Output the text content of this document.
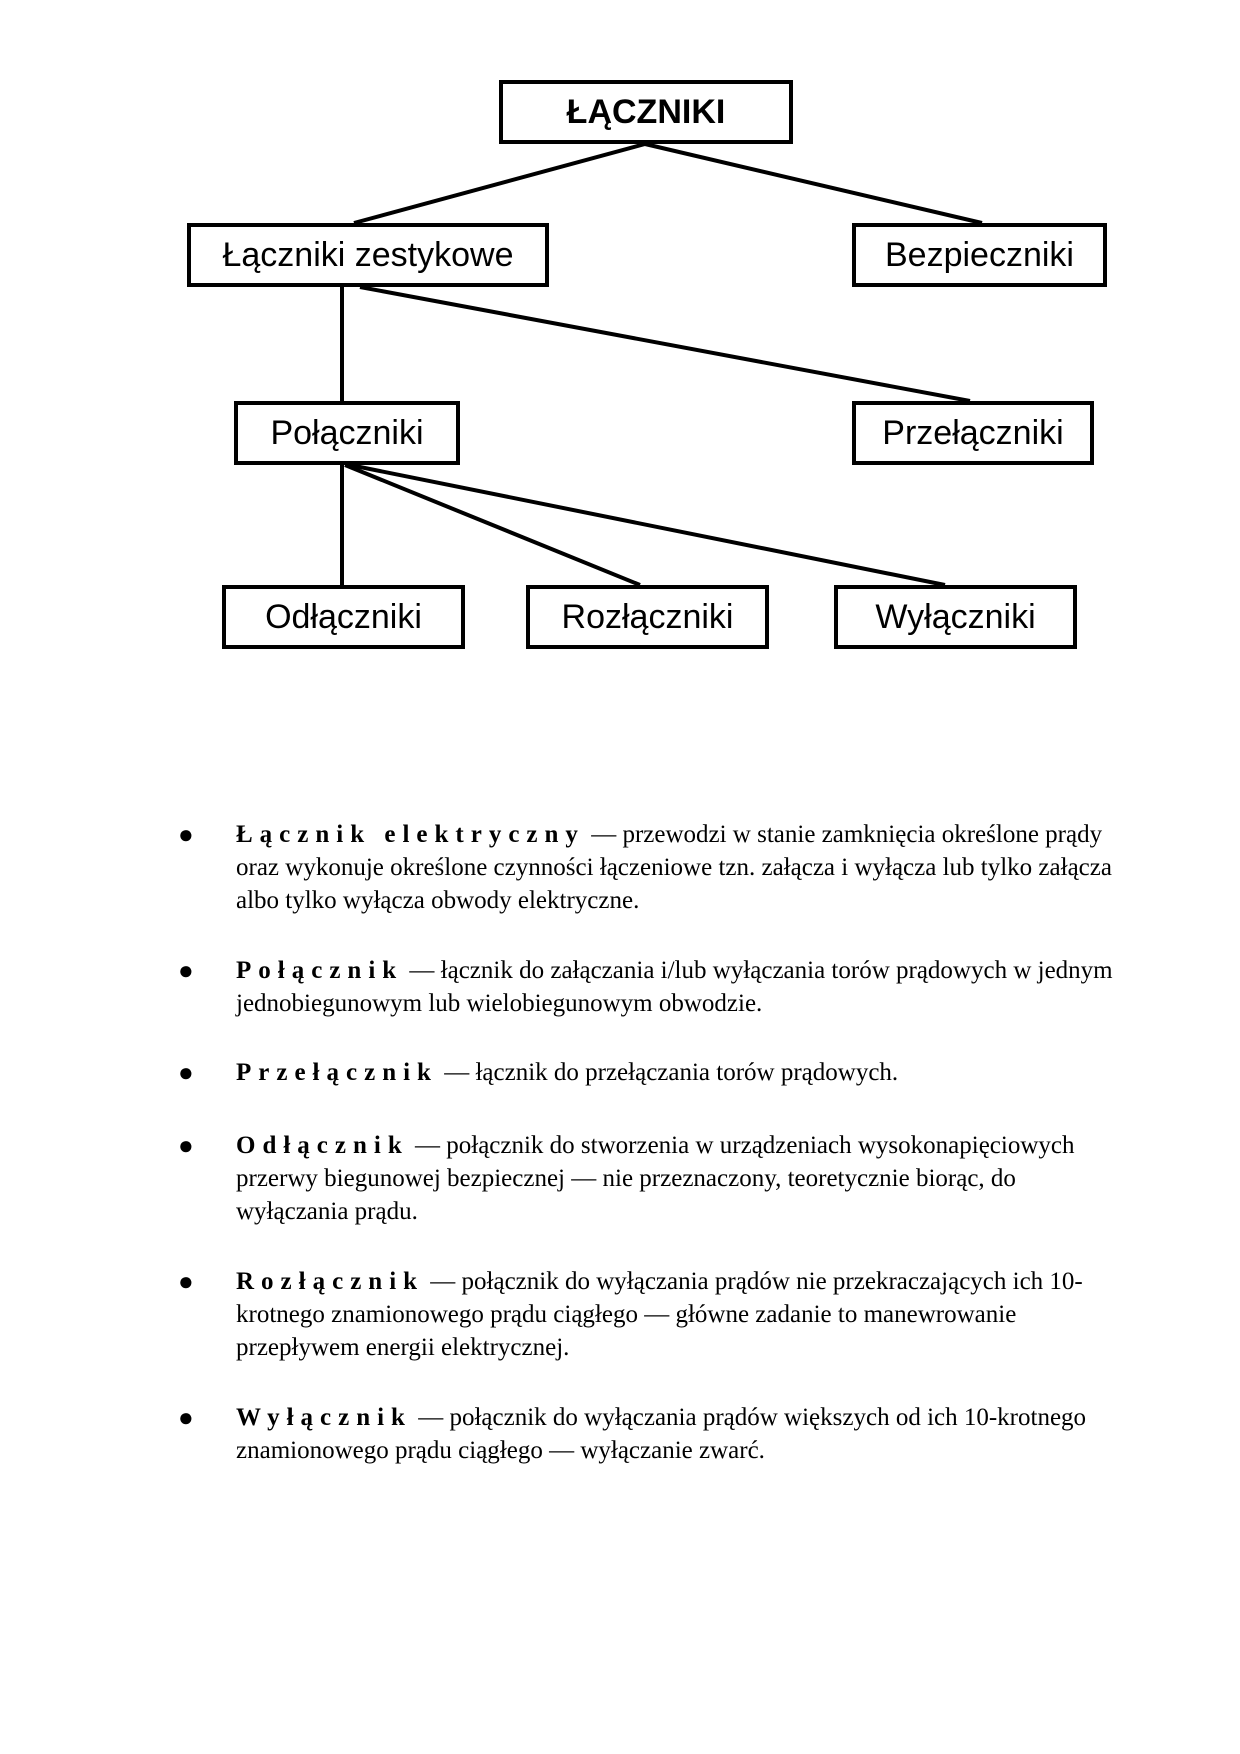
ŁĄCZNIKI
Łączniki zestykowe	Bezpieczniki
Połączniki	Przełączniki
Odłączniki	Rozłączniki	Wyłączniki
● Łącznik elektryczny — przewodzi w stanie zamknięcia określone prądy oraz wykonuje określone czynności łączeniowe tzn. załącza i wyłącza lub tylko załącza albo tylko wyłącza obwody elektryczne.
● Połącznik — łącznik do załączania i/lub wyłączania torów prądowych w jednym jednobiegunowym lub wielobiegunowym obwodzie.
● Przełącznik — łącznik do przełączania torów prądowych.
● Odłącznik — połącznik do stworzenia w urządzeniach wysokonapięciowych przerwy biegunowej bezpiecznej — nie przeznaczony, teoretycznie biorąc, do wyłączania prądu.
● Rozłącznik — połącznik do wyłączania prądów nie przekraczających ich 10-krotnego znamionowego prądu ciągłego — główne zadanie to manewrowanie przepływem energii elektrycznej.
● Wyłącznik — połącznik do wyłączania prądów większych od ich 10-krotnego znamionowego prądu ciągłego — wyłączanie zwarć.
